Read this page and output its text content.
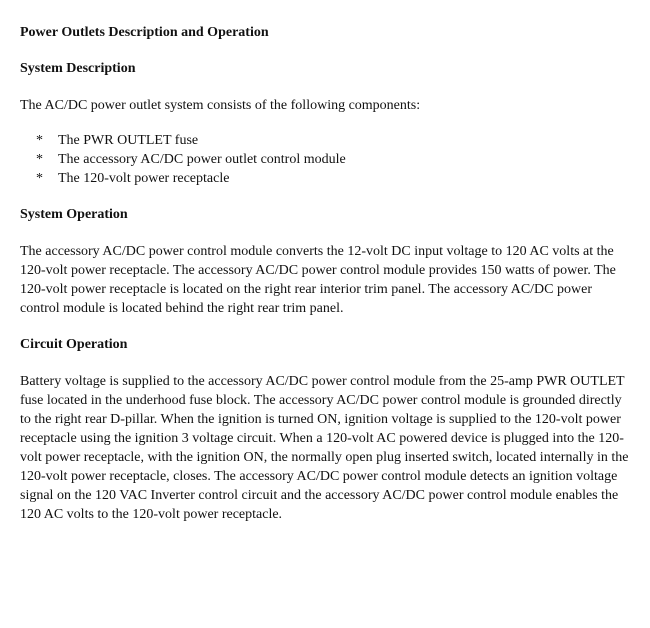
Power Outlets Description and Operation

System Description

The AC/DC power outlet system consists of the following components:

* The PWR OUTLET fuse
* The accessory AC/DC power outlet control module
* The 120-volt power receptacle

System Operation

The accessory AC/DC power control module converts the 12-volt DC input voltage to 120 AC volts at the 120-volt power receptacle. The accessory AC/DC power control module provides 150 watts of power. The 120-volt power receptacle is located on the right rear interior trim panel. The accessory AC/DC power control module is located behind the right rear trim panel.

Circuit Operation

Battery voltage is supplied to the accessory AC/DC power control module from the 25-amp PWR OUTLET fuse located in the underhood fuse block. The accessory AC/DC power control module is grounded directly to the right rear D-pillar. When the ignition is turned ON, ignition voltage is supplied to the 120-volt power receptacle using the ignition 3 voltage circuit. When a 120-volt AC powered device is plugged into the 120-volt power receptacle, with the ignition ON, the normally open plug inserted switch, located internally in the 120-volt power receptacle, closes. The accessory AC/DC power control module detects an ignition voltage signal on the 120 VAC Inverter control circuit and the accessory AC/DC power control module enables the 120 AC volts to the 120-volt power receptacle.
